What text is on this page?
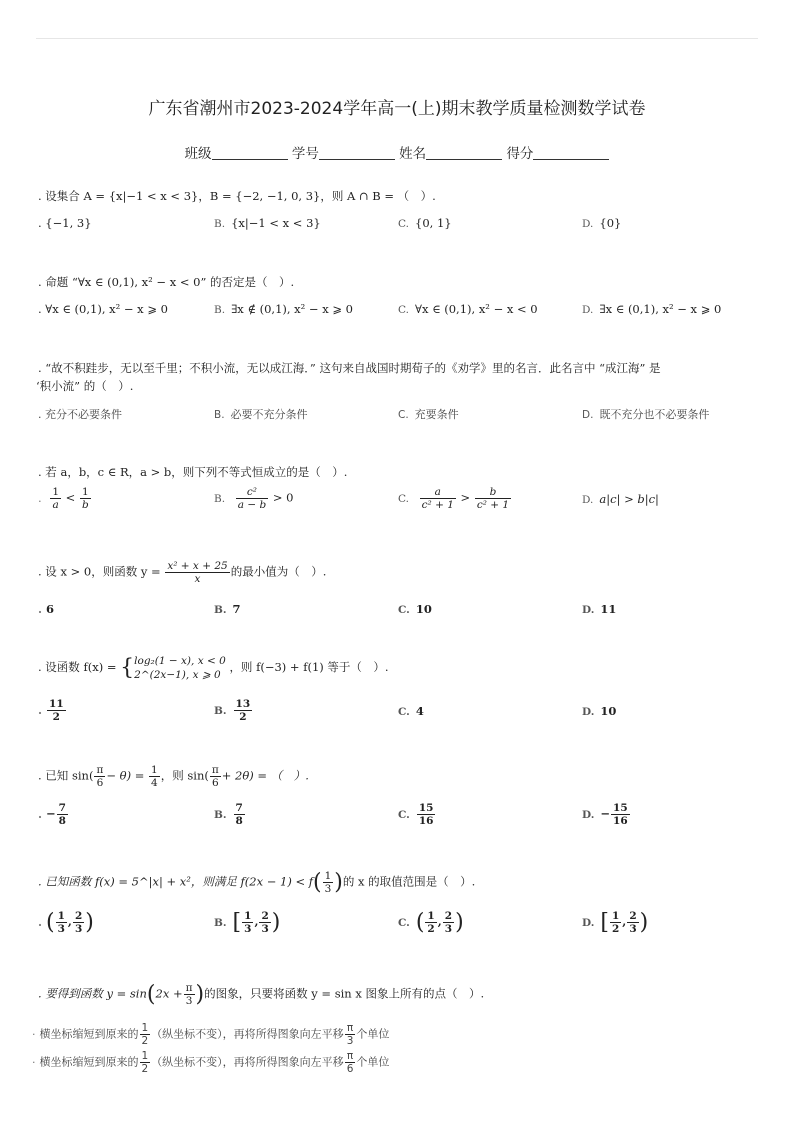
广东省潮州市2023-2024学年高一(上)期末教学质量检测数学试卷
班级	学号	姓名	得分
. 设集合 A = {x|−1 < x < 3}，B = {−2, −1, 0, 3}，则 A ∩ B = （　）.
. {−1, 3}	B. {x|−1 < x < 3}	C. {0, 1}	D. {0}
. 命题 “∀x ∈ (0,1), x² − x < 0” 的否定是（　）.
. ∀x ∈ (0,1), x² − x ⩾ 0	B. ∃x ∉ (0,1), x² − x ⩾ 0	C. ∀x ∈ (0,1), x² − x < 0	D. ∃x ∈ (0,1), x² − x ⩾ 0
. “故不积跬步，无以至千里；不积小流，无以成江海．” 这句来自战国时期荀子的《劝学》里的名言．此名言中 “成江海” 是
‘积小流” 的（　）.
. 充分不必要条件	B. 必要不充分条件	C. 充要条件	D. 既不充分也不必要条件
. 若 a，b，c ∈ R，a > b，则下列不等式恒成立的是（　）.
. $\frac{1}{a} < \frac{1}{b}$	B. $\frac{\text{c²}}{a - b} > 0$	C. $\frac{a}{\text{c² + 1}} > \frac{b}{\text{c² + 1}}$	D. a|c| > b|c|
. 设 x > 0，则函数 $y = \frac{\text{x² + x + 25}}{x}$ 的最小值为（　）.
. 6	B. 7	C. 10	D. 11
. 设函数 f(x) = { log₂(1 − x), x < 0
2^(2x−1), x ⩾ 0
，则 f(−3) + f(1) 等于（　）.
. $\frac{11}{2}$	B. $\frac{13}{2}$	C. 4	D. 10
. 已知 $\sin( \frac{\pi}{6} - \theta) = \frac{1}{4}$ ，则 $\sin( \frac{\pi}{6} + 2\theta)$ = （　）.
. − $\frac{7}{8}$	B. $\frac{7}{8}$	C. $\frac{15}{16}$	D. − $\frac{15}{16}$
. 已知函数 f(x) = 5^|x| + x²，则满足 $f(2x - 1) < f( \frac{1}{3}$ )的 x 的取值范围是（　）.
. ( $\frac{1}{3}$ , $\frac{2}{3}$ )	B. [ $\frac{1}{3}$ , $\frac{2}{3}$ )	C. ( $\frac{1}{2}$ , $\frac{2}{3}$ )	D. [ $\frac{1}{2}$ , $\frac{2}{3}$ )
. 要得到函数 $y = \sin(2x + \frac{\pi}{3}$ )的图象，只要将函数 y = sin x 图象上所有的点（　）.
· 横坐标缩短到原来的 $\frac{1}{2}$ （纵坐标不变），再将所得图象向左平移 $\frac{\pi}{3}$ 个单位
· 横坐标缩短到原来的 $\frac{1}{2}$ （纵坐标不变），再将所得图象向左平移 $\frac{\pi}{6}$ 个单位
